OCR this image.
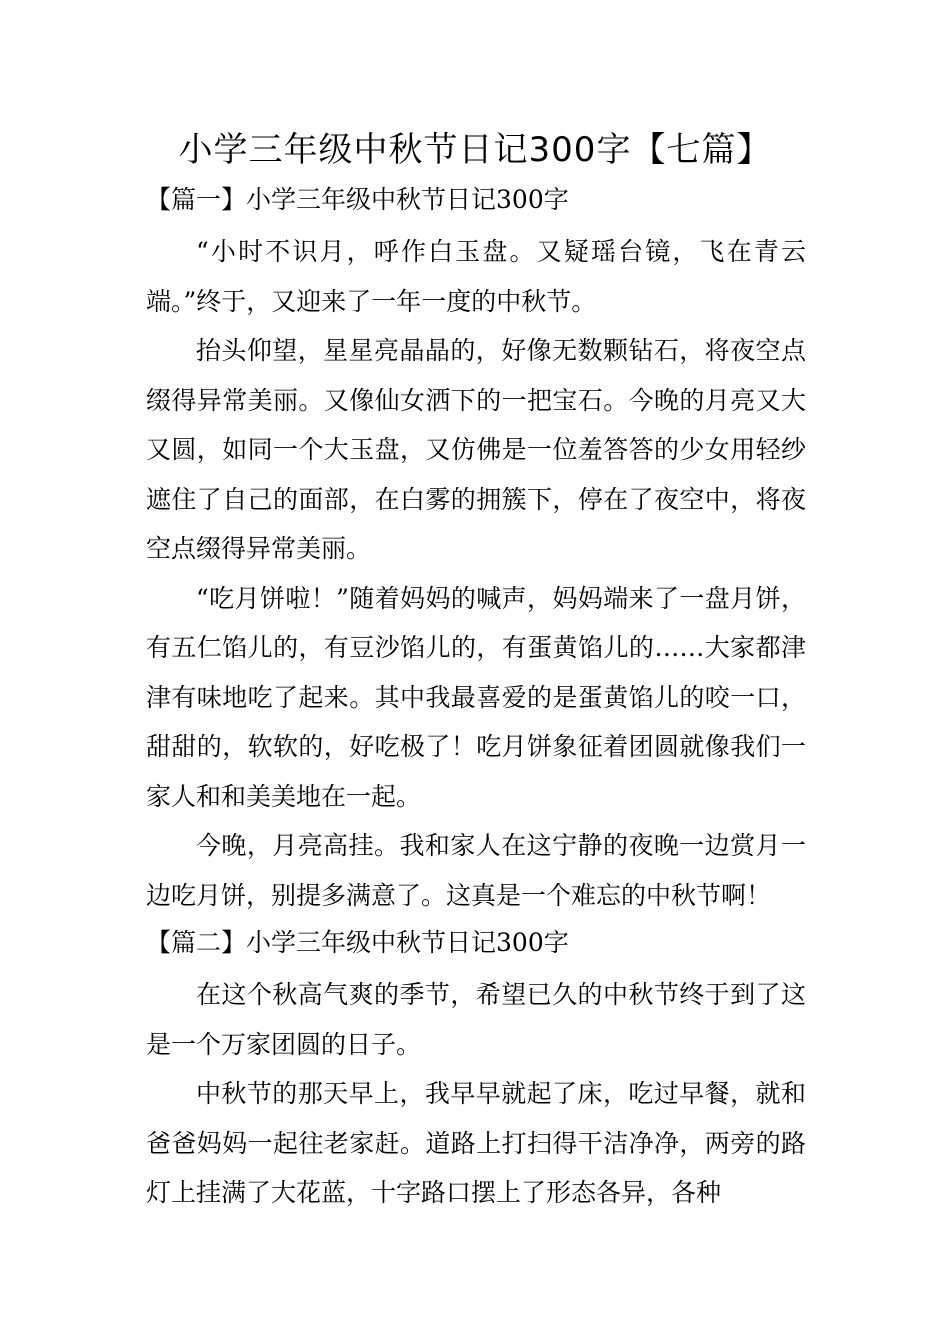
小学三年级中秋节日记300字【七篇】

【篇一】小学三年级中秋节日记300字

“小时不识月，呼作白玉盘。又疑瑶台镜，飞在青云端。”终于，又迎来了一年一度的中秋节。

抬头仰望，星星亮晶晶的，好像无数颗钻石，将夜空点缀得异常美丽。又像仙女洒下的一把宝石。今晚的月亮又大又圆，如同一个大玉盘，又仿佛是一位羞答答的少女用轻纱遮住了自己的面部，在白雾的拥簇下，停在了夜空中，将夜空点缀得异常美丽。

“吃月饼啦！”随着妈妈的喊声，妈妈端来了一盘月饼，有五仁馅儿的，有豆沙馅儿的，有蛋黄馅儿的……大家都津津有味地吃了起来。其中我最喜爱的是蛋黄馅儿的咬一口，甜甜的，软软的，好吃极了！吃月饼象征着团圆就像我们一家人和和美美地在一起。

今晚，月亮高挂。我和家人在这宁静的夜晚一边赏月一边吃月饼，别提多满意了。这真是一个难忘的中秋节啊！

【篇二】小学三年级中秋节日记300字

在这个秋高气爽的季节，希望已久的中秋节终于到了这是一个万家团圆的日子。

中秋节的那天早上，我早早就起了床，吃过早餐，就和爸爸妈妈一起往老家赶。道路上打扫得干洁净净，两旁的路灯上挂满了大花蓝，十字路口摆上了形态各异，各种
